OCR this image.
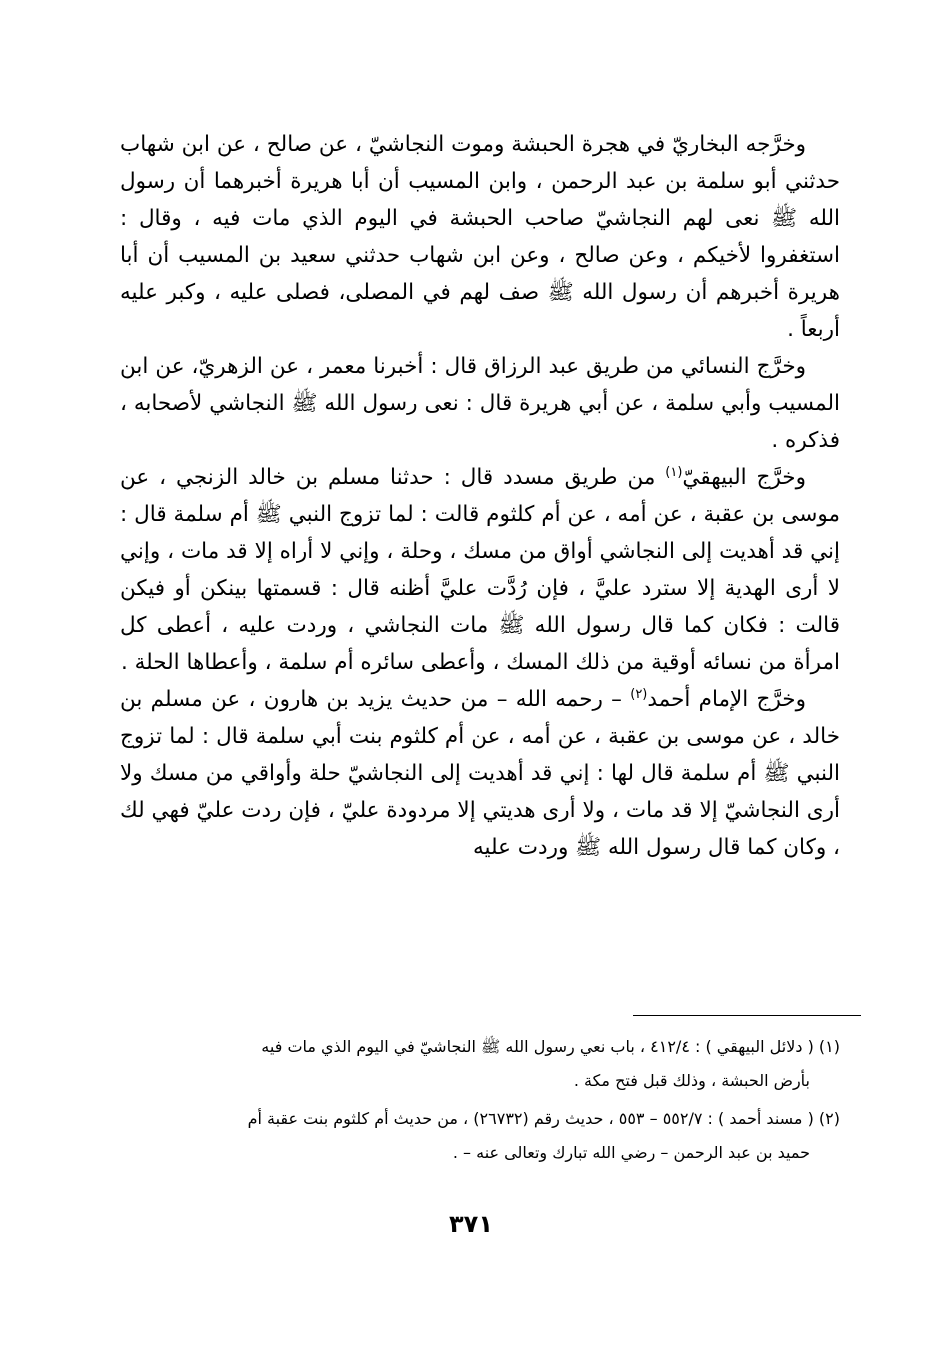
وخرَّجه البخاريّ في هجرة الحبشة وموت النجاشيّ ، عن صالح ، عن ابن شهاب حدثني أبو سلمة بن عبد الرحمن ، وابن المسيب أن أبا هريرة أخبرهما أن رسول الله ﷺ نعى لهم النجاشيّ صاحب الحبشة في اليوم الذي مات فيه ، وقال : استغفروا لأخيكم ، وعن صالح ، وعن ابن شهاب حدثني سعيد بن المسيب أن أبا هريرة أخبرهم أن رسول الله ﷺ صف لهم في المصلى، فصلى عليه ، وكبر عليه أربعاً .

وخرَّج النسائي من طريق عبد الرزاق قال : أخبرنا معمر ، عن الزهريّ، عن ابن المسيب وأبي سلمة ، عن أبي هريرة قال : نعى رسول الله ﷺ النجاشي لأصحابه ، فذكره .

وخرَّج البيهقيّ$^{(١)}$ من طريق مسدد قال : حدثنا مسلم بن خالد الزنجي ، عن موسى بن عقبة ، عن أمه ، عن أم كلثوم قالت : لما تزوج النبي ﷺ أم سلمة قال : إني قد أهديت إلى النجاشي أواق من مسك ، وحلة ، وإني لا أراه إلا قد مات ، وإني لا أرى الهدية إلا سترد عليَّ ، فإن رُدَّت عليَّ أظنه قال : قسمتها بينكن أو فيكن قالت : فكان كما قال رسول الله ﷺ مات النجاشي ، وردت عليه ، أعطى كل امرأة من نسائه أوقية من ذلك المسك ، وأعطى سائره أم سلمة ، وأعطاها الحلة .

وخرَّج الإمام أحمد$^{(٢)}$ – رحمه الله – من حديث يزيد بن هارون ، عن مسلم بن خالد ، عن موسى بن عقبة ، عن أمه ، عن أم كلثوم بنت أبي سلمة قال : لما تزوج النبي ﷺ أم سلمة قال لها : إني قد أهديت إلى النجاشيّ حلة وأواقي من مسك ولا أرى النجاشيّ إلا قد مات ، ولا أرى هديتي إلا مردودة عليّ ، فإن ردت عليّ فهي لك ، وكان كما قال رسول الله ﷺ وردت عليه

(١) ( دلائل البيهقي ) : ٤١٢/٤ ، باب نعي رسول الله ﷺ النجاشيّ في اليوم الذي مات فيه
بأرض الحبشة ، وذلك قبل فتح مكة .

(٢) ( مسند أحمد ) : ٥٥٢/٧ – ٥٥٣ ، حديث رقم (٢٦٧٣٢) ، من حديث أم كلثوم بنت عقبة أم
حميد بن عبد الرحمن – رضي الله تبارك وتعالى عنه – .

٣٧١
